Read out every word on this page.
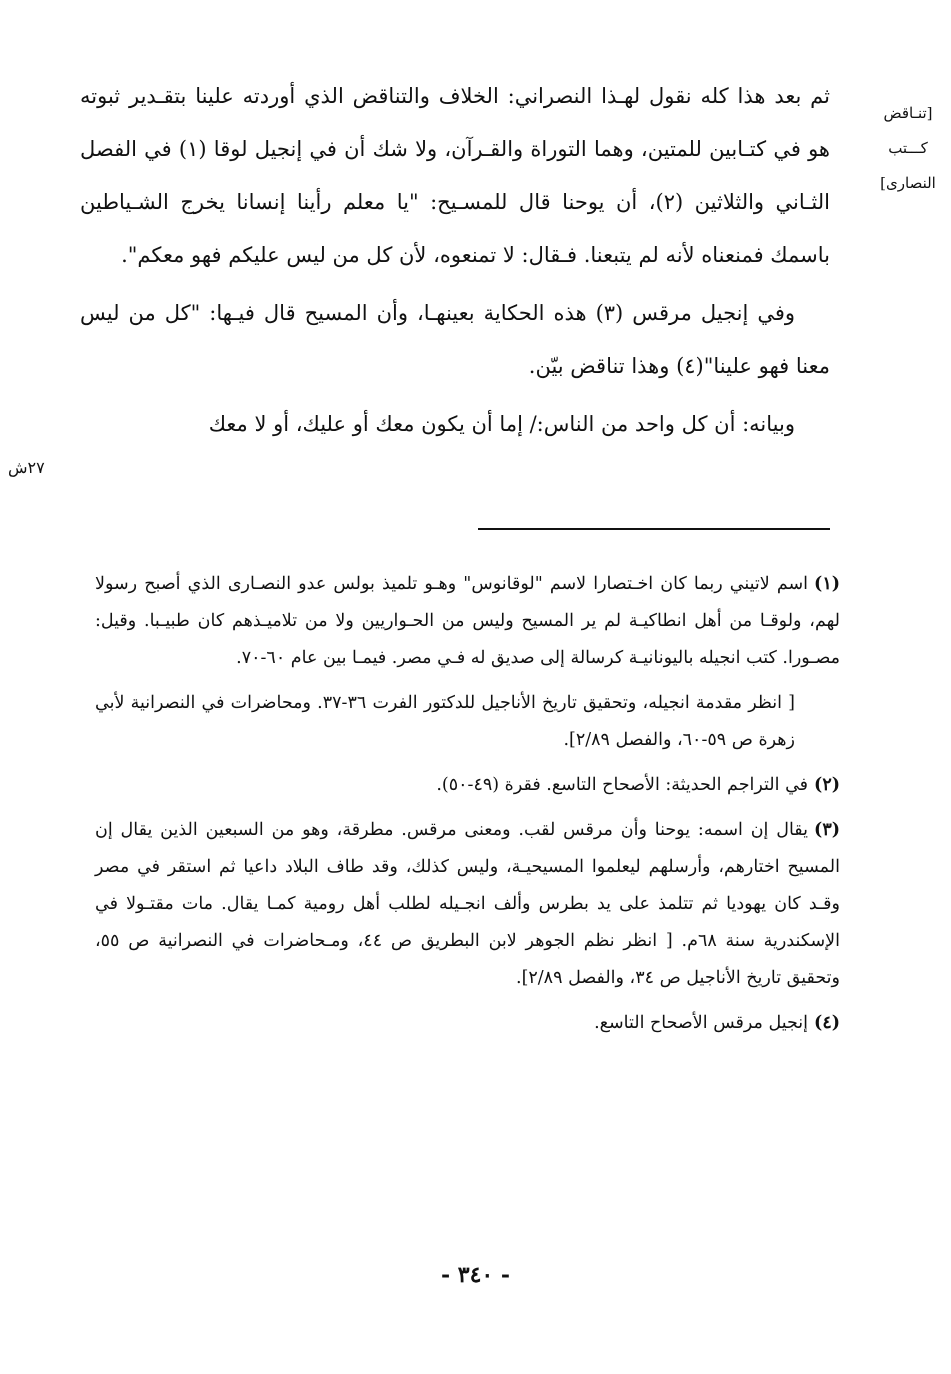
ثم بعد هذا كله نقول لهـذا النصراني: الخلاف والتناقض الذي أوردته علينا بتقـدير ثبوته هو في كتـابين للمتين، وهما التوراة والقـرآن، ولا شك أن في إنجيل لوقا (١) في الفصل الثـاني والثلاثين (٢)، أن يوحنا قال للمسـيح: "يا معلم رأينا إنسانا يخرج الشـياطين باسمك فمنعناه لأنه لم يتبعنا. فـقال: لا تمنعوه، لأن كل من ليس عليكم فهو معكم".

وفي إنجيل مرقس (٣) هذه الحكاية بعينهـا، وأن المسيح قال فيـها: "كل من ليس معنا فهو علينا"(٤) وهذا تناقض بيّن.

وبيانه: أن كل واحد من الناس:/ إما أن يكون معك أو عليك، أو لا معك

[تنـاقض
كـــتب
النصارى]
٢٧ش
(١)اسم لاتيني ربما كان اخـتصارا لاسم "لوقانوس" وهـو تلميذ بولس عدو النصـارى الذي أصبح رسولا لهم، ولوقـا من أهل انطاكيـة لم ير المسيح وليس من الحـواريين ولا من تلاميـذهم كان طبيـبا. وقيل: مصـورا. كتب انجيله باليونانيـة كرسالة إلى صديق له فـي مصر. فيمـا بين عام ٦٠-٧٠.
[ انظر مقدمة انجيله، وتحقيق تاريخ الأناجيل للدكتور الفرت ٣٦-٣٧. ومحاضرات في النصرانية لأبي زهرة ص ٥٩-٦٠، والفصل ٢/٨٩].
(٢)في التراجم الحديثة: الأصحاح التاسع. فقرة (٤٩-٥٠).
(٣)يقال إن اسمه: يوحنا وأن مرقس لقب. ومعنى مرقس. مطرقة، وهو من السبعين الذين يقال إن المسيح اختارهم، وأرسلهم ليعلموا المسيحيـة، وليس كذلك، وقد طاف البلاد داعيا ثم استقر في مصر وقـد كان يهوديا ثم تتلمذ على يد بطرس وألف انجـيله لطلب أهل رومية كمـا يقال. مات مقتـولا في الإسكندرية سنة ٦٨م. [ انظر نظم الجوهر لابن البطريق ص ٤٤، ومـحاضرات في النصرانية ص ٥٥، وتحقيق تاريخ الأناجيل ص ٣٤، والفصل ٢/٨٩].
(٤)إنجيل مرقس الأصحاح التاسع.
- ٣٤٠ -
